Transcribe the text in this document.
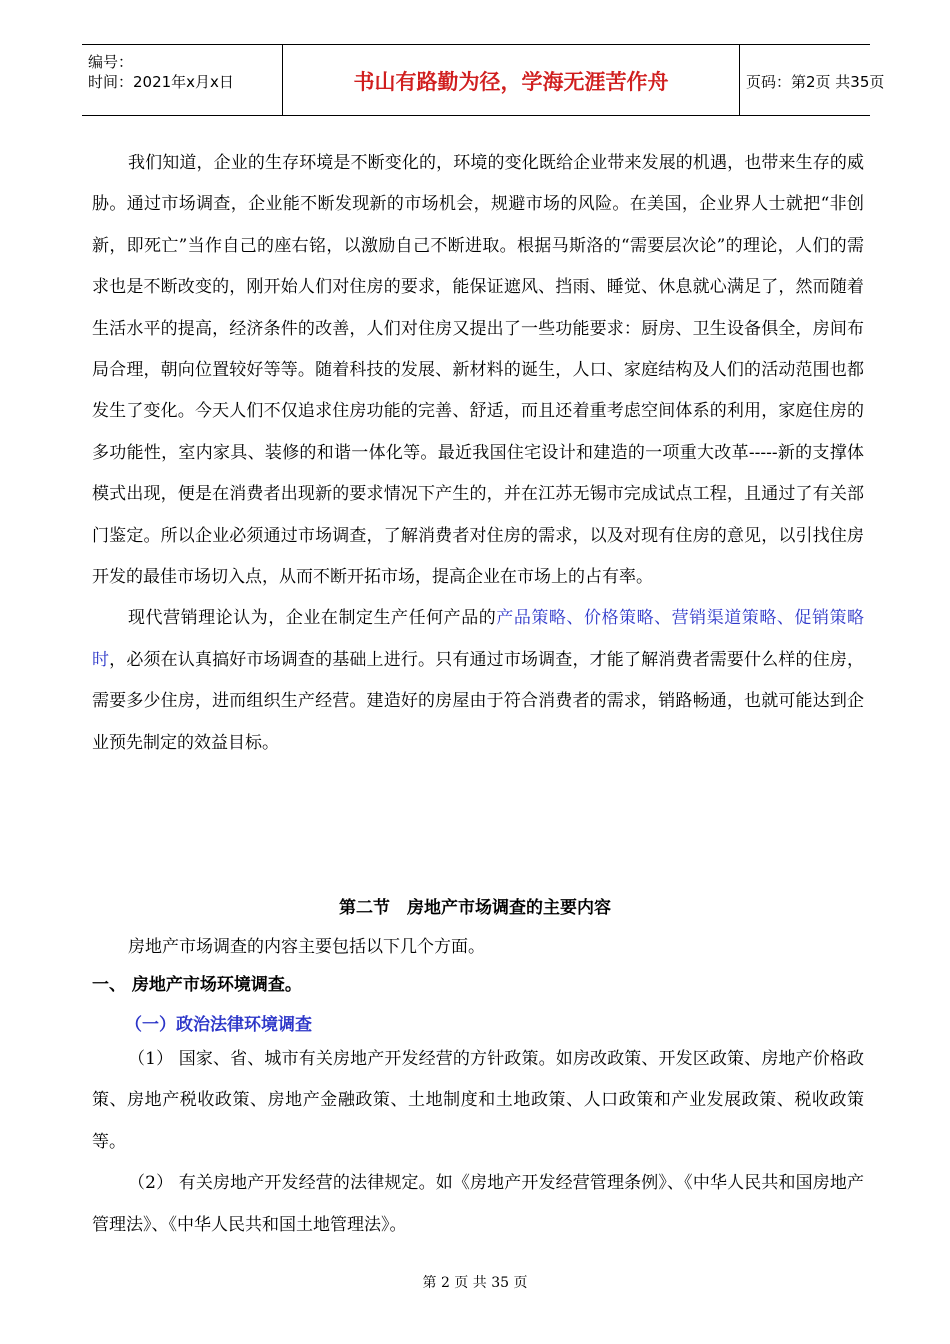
编号：
时间：2021年x月x日	书山有路勤为径，学海无涯苦作舟	页码：第2页 共35页

我们知道，企业的生存环境是不断变化的，环境的变化既给企业带来发展的机遇，也带来生存的威胁。通过市场调查，企业能不断发现新的市场机会，规避市场的风险。在美国，企业界人士就把“非创新，即死亡”当作自己的座右铭，以激励自己不断进取。根据马斯洛的“需要层次论”的理论，人们的需求也是不断改变的，刚开始人们对住房的要求，能保证遮风、挡雨、睡觉、休息就心满足了，然而随着生活水平的提高，经济条件的改善，人们对住房又提出了一些功能要求：厨房、卫生设备俱全，房间布局合理，朝向位置较好等等。随着科技的发展、新材料的诞生，人口、家庭结构及人们的活动范围也都发生了变化。今天人们不仅追求住房功能的完善、舒适，而且还着重考虑空间体系的利用，家庭住房的多功能性，室内家具、装修的和谐一体化等。最近我国住宅设计和建造的一项重大改革-----新的支撑体模式出现，便是在消费者出现新的要求情况下产生的，并在江苏无锡市完成试点工程，且通过了有关部门鉴定。所以企业必须通过市场调查，了解消费者对住房的需求，以及对现有住房的意见，以引找住房开发的最佳市场切入点，从而不断开拓市场，提高企业在市场上的占有率。

现代营销理论认为，企业在制定生产任何产品的产品策略、价格策略、营销渠道策略、促销策略时，必须在认真搞好市场调查的基础上进行。只有通过市场调查，才能了解消费者需要什么样的住房，需要多少住房，进而组织生产经营。建造好的房屋由于符合消费者的需求，销路畅通，也就可能达到企业预先制定的效益目标。

第二节　房地产市场调查的主要内容

房地产市场调查的内容主要包括以下几个方面。

一、 房地产市场环境调查。
（一）政治法律环境调查

（1） 国家、省、城市有关房地产开发经营的方针政策。如房改政策、开发区政策、房地产价格政策、房地产税收政策、房地产金融政策、土地制度和土地政策、人口政策和产业发展政策、税收政策等。

（2） 有关房地产开发经营的法律规定。如《房地产开发经营管理条例》、《中华人民共和国房地产管理法》、《中华人民共和国土地管理法》。

第 2 页 共 35 页
